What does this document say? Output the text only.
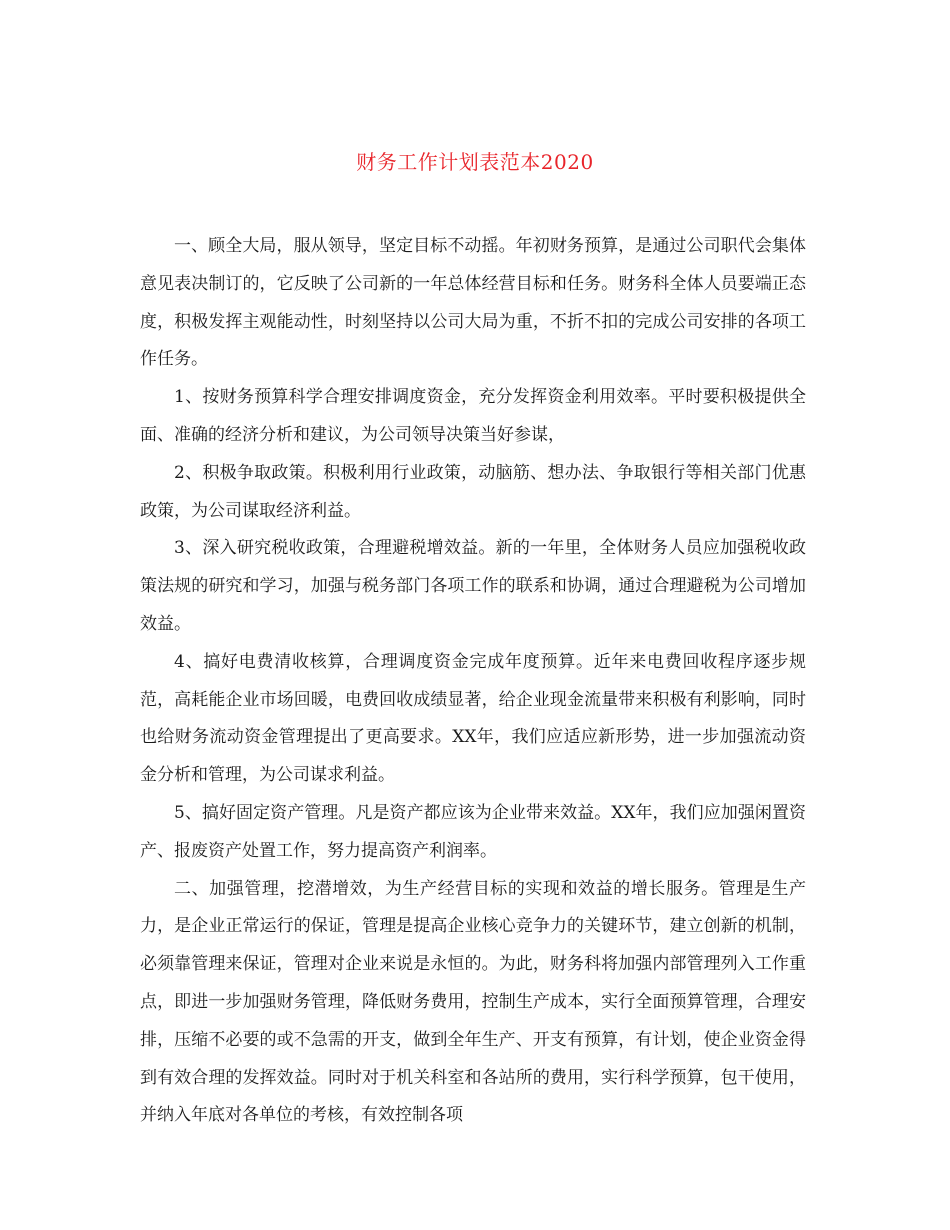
财务工作计划表范本2020

一、顾全大局，服从领导，坚定目标不动摇。年初财务预算，是通过公司职代会集体意见表决制订的，它反映了公司新的一年总体经营目标和任务。财务科全体人员要端正态度，积极发挥主观能动性，时刻坚持以公司大局为重，不折不扣的完成公司安排的各项工作任务。

1、按财务预算科学合理安排调度资金，充分发挥资金利用效率。平时要积极提供全面、准确的经济分析和建议，为公司领导决策当好参谋，

2、积极争取政策。积极利用行业政策，动脑筋、想办法、争取银行等相关部门优惠政策，为公司谋取经济利益。

3、深入研究税收政策，合理避税增效益。新的一年里，全体财务人员应加强税收政策法规的研究和学习，加强与税务部门各项工作的联系和协调，通过合理避税为公司增加效益。

4、搞好电费清收核算，合理调度资金完成年度预算。近年来电费回收程序逐步规范，高耗能企业市场回暖，电费回收成绩显著，给企业现金流量带来积极有利影响，同时也给财务流动资金管理提出了更高要求。XX年，我们应适应新形势，进一步加强流动资金分析和管理，为公司谋求利益。

5、搞好固定资产管理。凡是资产都应该为企业带来效益。XX年，我们应加强闲置资产、报废资产处置工作，努力提高资产利润率。

二、加强管理，挖潜增效，为生产经营目标的实现和效益的增长服务。管理是生产力，是企业正常运行的保证，管理是提高企业核心竞争力的关键环节，建立创新的机制，必须靠管理来保证，管理对企业来说是永恒的。为此，财务科将加强内部管理列入工作重点，即进一步加强财务管理，降低财务费用，控制生产成本，实行全面预算管理，合理安排，压缩不必要的或不急需的开支，做到全年生产、开支有预算，有计划，使企业资金得到有效合理的发挥效益。同时对于机关科室和各站所的费用，实行科学预算，包干使用，并纳入年底对各单位的考核，有效控制各项
